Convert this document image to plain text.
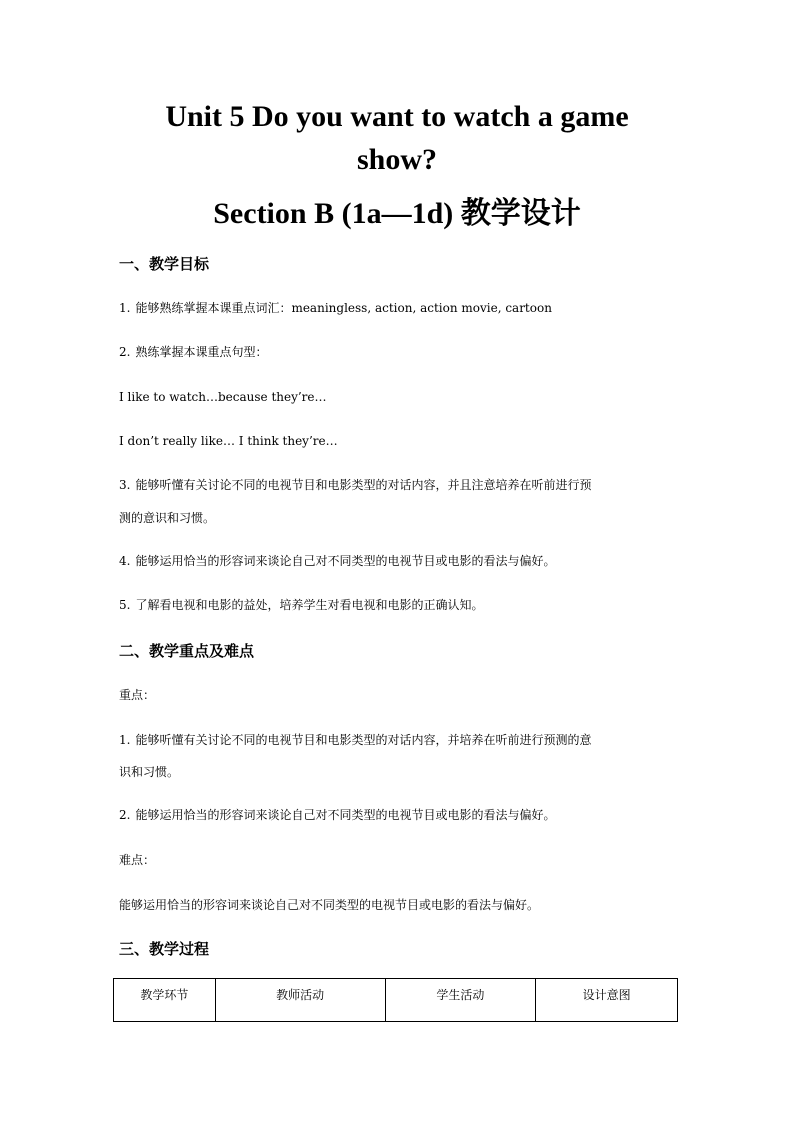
Unit 5 Do you want to watch a game
show?
Section B (1a—1d) 教学设计
一、教学目标

1. 能够熟练掌握本课重点词汇：meaningless, action, action movie, cartoon

2. 熟练掌握本课重点句型：

I like to watch…because they’re…

I don’t really like… I think they’re…

3. 能够听懂有关讨论不同的电视节目和电影类型的对话内容，并且注意培养在听前进行预

测的意识和习惯。

4. 能够运用恰当的形容词来谈论自己对不同类型的电视节目或电影的看法与偏好。

5. 了解看电视和电影的益处，培养学生对看电视和电影的正确认知。

二、教学重点及难点

重点：

1. 能够听懂有关讨论不同的电视节目和电影类型的对话内容，并培养在听前进行预测的意

识和习惯。

2. 能够运用恰当的形容词来谈论自己对不同类型的电视节目或电影的看法与偏好。

难点：

能够运用恰当的形容词来谈论自己对不同类型的电视节目或电影的看法与偏好。

三、教学过程
教学环节	教师活动	学生活动	设计意图
